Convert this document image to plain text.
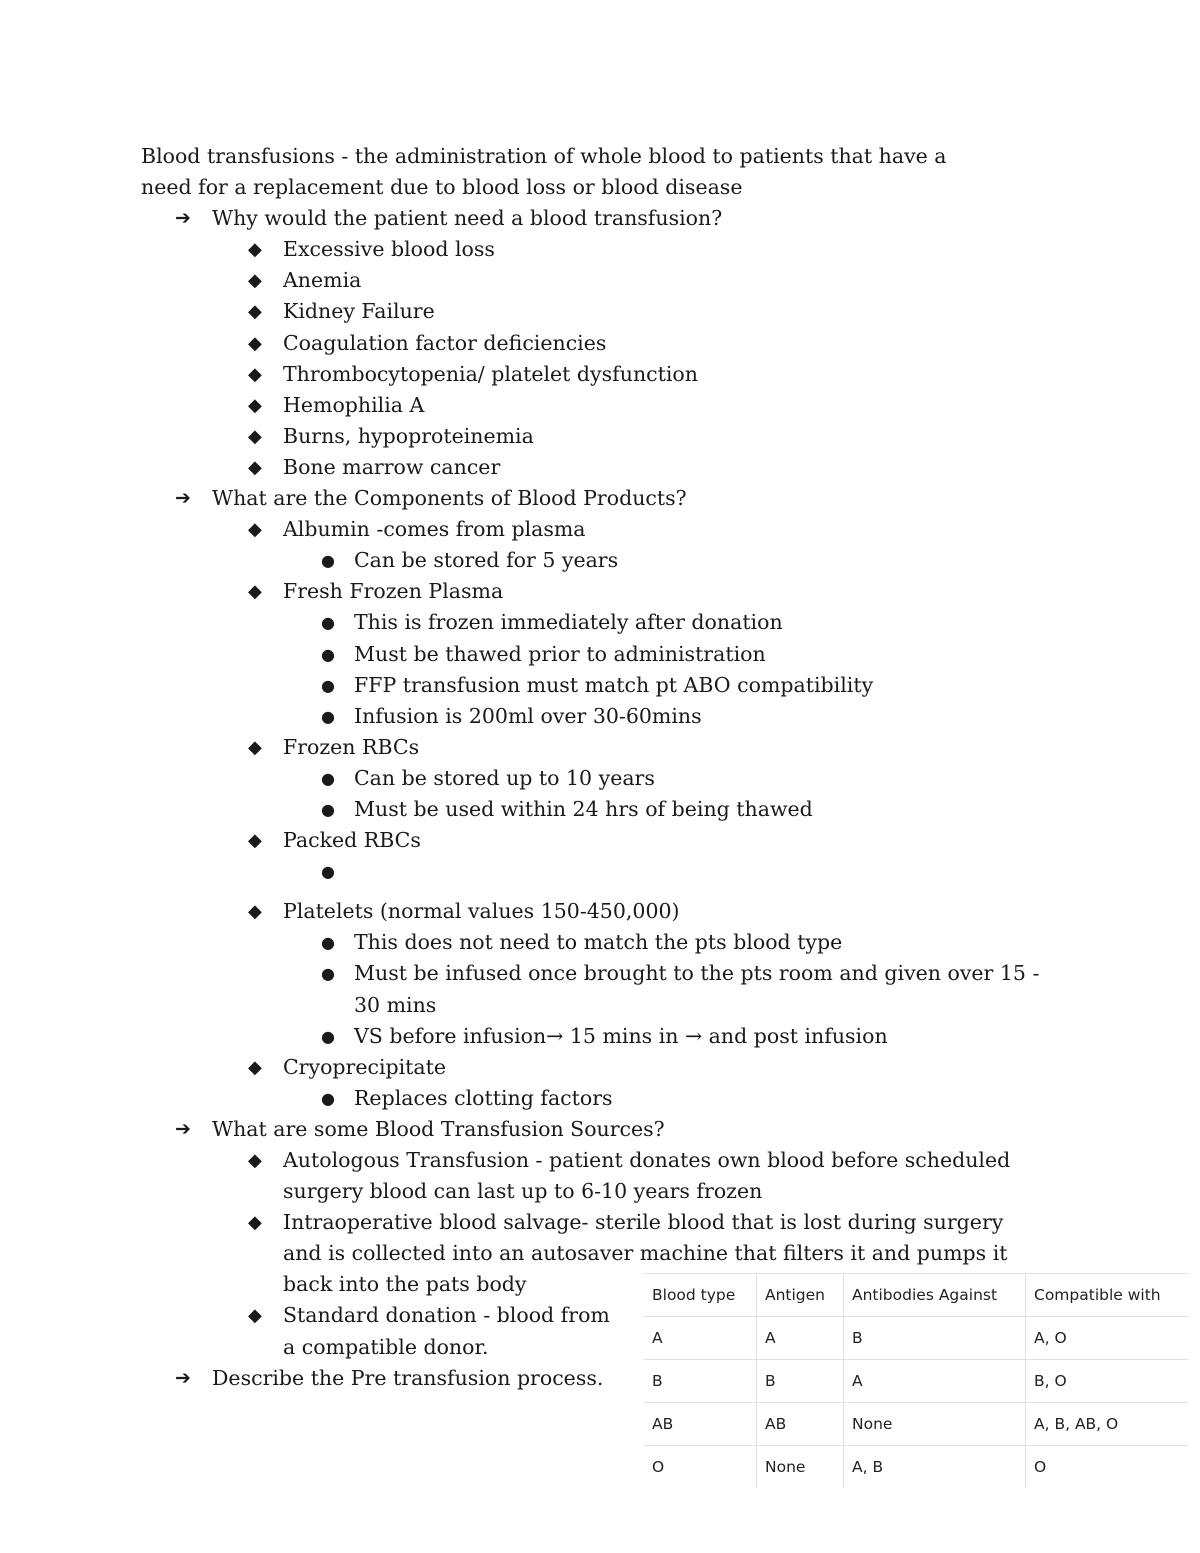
Blood transfusions - the administration of whole blood to patients that have a need for a replacement due to blood loss or blood disease

➔	Why would the patient need a blood transfusion?
◆	Excessive blood loss
◆	Anemia
◆	Kidney Failure
◆	Coagulation factor deficiencies
◆	Thrombocytopenia/ platelet dysfunction
◆	Hemophilia A
◆	Burns, hypoproteinemia
◆	Bone marrow cancer
➔	What are the Components of Blood Products?
◆	Albumin -comes from plasma
● Can be stored for 5 years
◆	Fresh Frozen Plasma
● This is frozen immediately after donation
● Must be thawed prior to administration
● FFP transfusion must match pt ABO compatibility
● Infusion is 200ml over 30-60mins
◆	Frozen RBCs
● Can be stored up to 10 years
● Must be used within 24 hrs of being thawed
◆	Packed RBCs
●
◆	Platelets (normal values 150-450,000)
● This does not need to match the pts blood type
● Must be infused once brought to the pts room and given over 15 - 30 mins
● VS before infusion→ 15 mins in → and post infusion
◆	Cryoprecipitate
● Replaces clotting factors
➔	What are some Blood Transfusion Sources?
◆	Autologous Transfusion - patient donates own blood before scheduled surgery blood can last up to 6-10 years frozen
◆	Intraoperative blood salvage- sterile blood that is lost during surgery and is collected into an autosaver machine that filters it and pumps it back into the pats body
◆	Standard donation - blood from a compatible donor.
➔	Describe the Pre transfusion process.
Blood type	Antigen	Antibodies Against	Compatible with
A	A	B	A, O
B	B	A	B, O
AB	AB	None	A, B, AB, O
O	None	A, B	O
